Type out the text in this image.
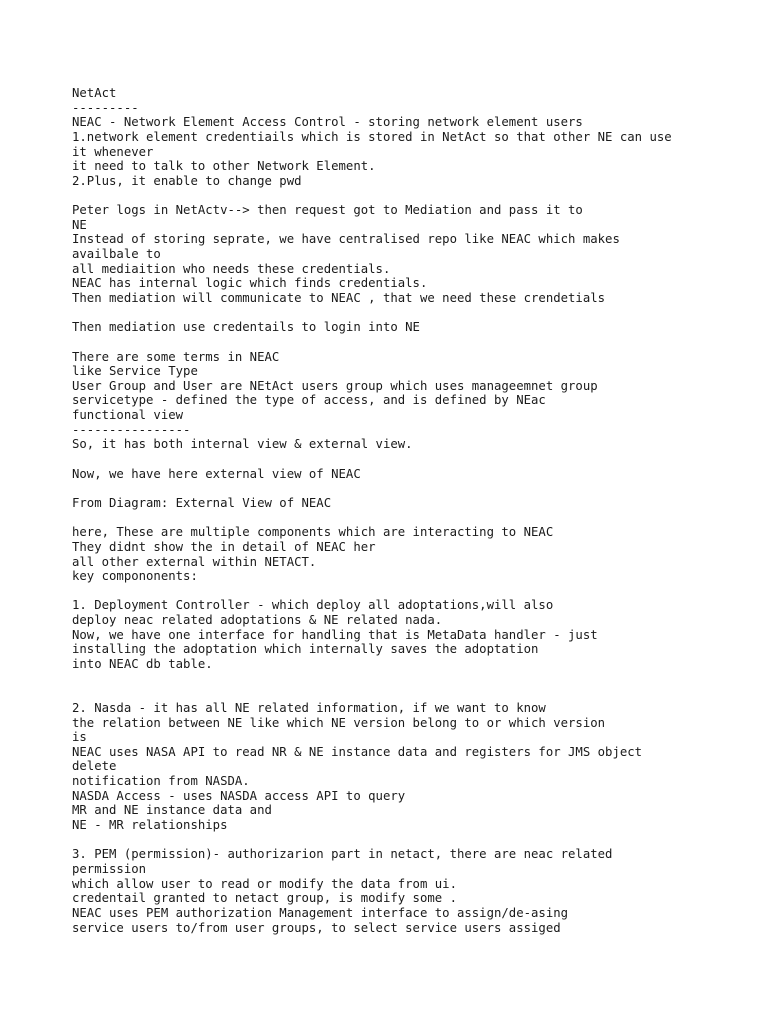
NetAct
---------
NEAC - Network Element Access Control - storing network element users
1.network element credentiails which is stored in NetAct so that other NE can use
it whenever
it need to talk to other Network Element.
2.Plus, it enable to change pwd
Peter logs in NetActv--> then request got to Mediation and pass it to
NE
Instead of storing seprate, we have centralised repo like NEAC which makes
availbale to
all mediaition who needs these credentials.
NEAC has internal logic which finds credentials.
Then mediation will communicate to NEAC , that we need these crendetials
Then mediation use credentails to login into NE
There are some terms in NEAC
like Service Type
User Group and User are NEtAct users group which uses manageemnet group
servicetype - defined the type of access, and is defined by NEac
functional view
----------------
So, it has both internal view & external view.
Now, we have here external view of NEAC
From Diagram: External View of NEAC
here, These are multiple components which are interacting to NEAC
They didnt show the in detail of NEAC her
all other external within NETACT.
key compononents:
1. Deployment Controller - which deploy all adoptations,will also
deploy neac related adoptations & NE related nada.
Now, we have one interface for handling that is MetaData handler - just
installing the adoptation which internally saves the adoptation
into NEAC db table.
2. Nasda - it has all NE related information, if we want to know
the relation between NE like which NE version belong to or which version
is
NEAC uses NASA API to read NR & NE instance data and registers for JMS object
delete
notification from NASDA.
NASDA Access - uses NASDA access API to query
MR and NE instance data and
NE - MR relationships
3. PEM (permission)- authorizarion part in netact, there are neac related
permission
which allow user to read or modify the data from ui.
credentail granted to netact group, is modify some .
NEAC uses PEM authorization Management interface to assign/de-asing
service users to/from user groups, to select service users assiged
